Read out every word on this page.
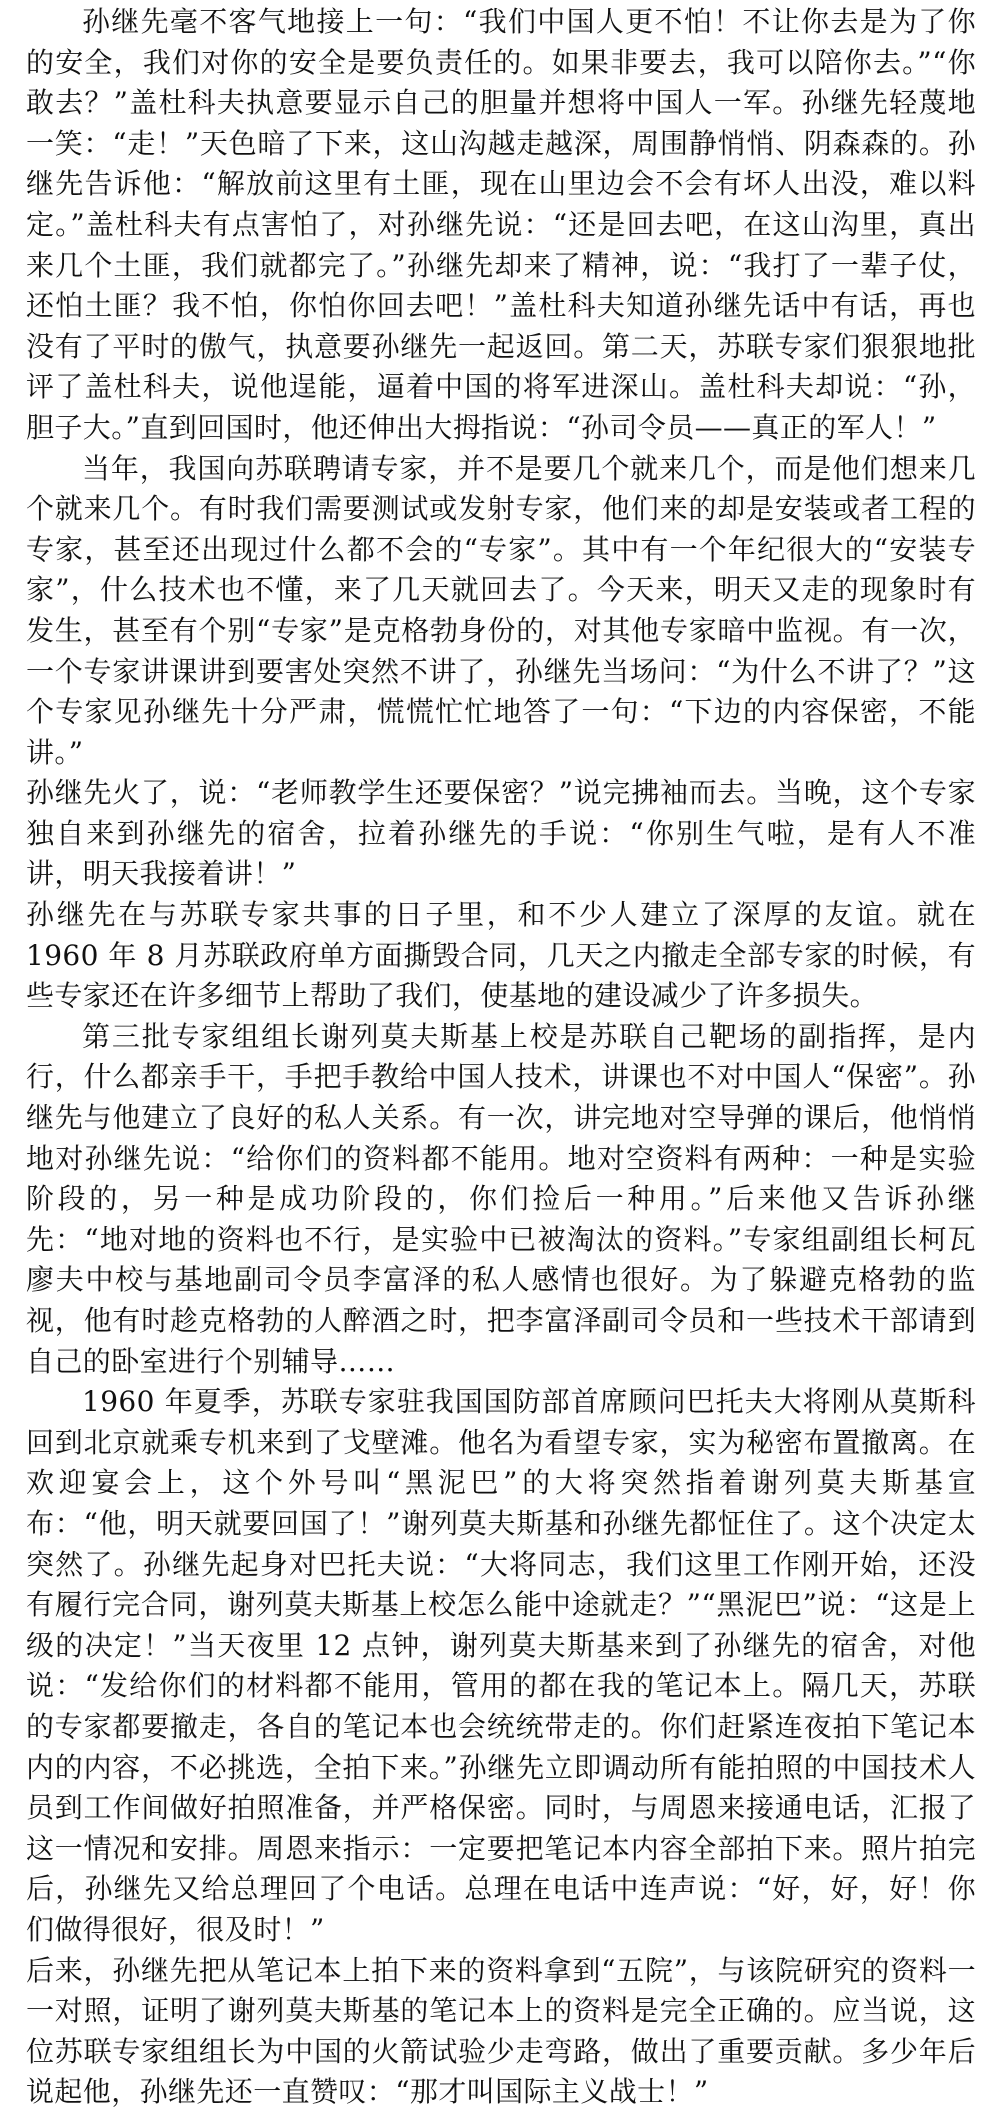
孙继先毫不客气地接上一句：“我们中国人更不怕！不让你去是为了你的安全，我们对你的安全是要负责任的。如果非要去，我可以陪你去。”“你敢去？”盖杜科夫执意要显示自己的胆量并想将中国人一军。孙继先轻蔑地一笑：“走！”天色暗了下来，这山沟越走越深，周围静悄悄、阴森森的。孙继先告诉他：“解放前这里有土匪，现在山里边会不会有坏人出没，难以料定。”盖杜科夫有点害怕了，对孙继先说：“还是回去吧，在这山沟里，真出来几个土匪，我们就都完了。”孙继先却来了精神，说：“我打了一辈子仗，还怕土匪？我不怕，你怕你回去吧！”盖杜科夫知道孙继先话中有话，再也没有了平时的傲气，执意要孙继先一起返回。第二天，苏联专家们狠狠地批评了盖杜科夫，说他逞能，逼着中国的将军进深山。盖杜科夫却说：“孙，胆子大。”直到回国时，他还伸出大拇指说：“孙司令员——真正的军人！”

当年，我国向苏联聘请专家，并不是要几个就来几个，而是他们想来几个就来几个。有时我们需要测试或发射专家，他们来的却是安装或者工程的专家，甚至还出现过什么都不会的“专家”。其中有一个年纪很大的“安装专家”，什么技术也不懂，来了几天就回去了。今天来，明天又走的现象时有发生，甚至有个别“专家”是克格勃身份的，对其他专家暗中监视。有一次，一个专家讲课讲到要害处突然不讲了，孙继先当场问：“为什么不讲了？”这个专家见孙继先十分严肃，慌慌忙忙地答了一句：“下边的内容保密，不能讲。”

孙继先火了，说：“老师教学生还要保密？”说完拂袖而去。当晚，这个专家独自来到孙继先的宿舍，拉着孙继先的手说：“你别生气啦，是有人不准讲，明天我接着讲！”

孙继先在与苏联专家共事的日子里，和不少人建立了深厚的友谊。就在 1960 年 8 月苏联政府单方面撕毁合同，几天之内撤走全部专家的时候，有些专家还在许多细节上帮助了我们，使基地的建设减少了许多损失。

第三批专家组组长谢列莫夫斯基上校是苏联自己靶场的副指挥，是内行，什么都亲手干，手把手教给中国人技术，讲课也不对中国人“保密”。孙继先与他建立了良好的私人关系。有一次，讲完地对空导弹的课后，他悄悄地对孙继先说：“给你们的资料都不能用。地对空资料有两种：一种是实验阶段的，另一种是成功阶段的，你们捡后一种用。”后来他又告诉孙继先：“地对地的资料也不行，是实验中已被淘汰的资料。”专家组副组长柯瓦廖夫中校与基地副司令员李富泽的私人感情也很好。为了躲避克格勃的监视，他有时趁克格勃的人醉酒之时，把李富泽副司令员和一些技术干部请到自己的卧室进行个别辅导……

1960 年夏季，苏联专家驻我国国防部首席顾问巴托夫大将刚从莫斯科回到北京就乘专机来到了戈壁滩。他名为看望专家，实为秘密布置撤离。在欢迎宴会上，这个外号叫“黑泥巴”的大将突然指着谢列莫夫斯基宣布：“他，明天就要回国了！”谢列莫夫斯基和孙继先都怔住了。这个决定太突然了。孙继先起身对巴托夫说：“大将同志，我们这里工作刚开始，还没有履行完合同，谢列莫夫斯基上校怎么能中途就走？”“黑泥巴”说：“这是上级的决定！”当天夜里 12 点钟，谢列莫夫斯基来到了孙继先的宿舍，对他说：“发给你们的材料都不能用，管用的都在我的笔记本上。隔几天，苏联的专家都要撤走，各自的笔记本也会统统带走的。你们赶紧连夜拍下笔记本内的内容，不必挑选，全拍下来。”孙继先立即调动所有能拍照的中国技术人员到工作间做好拍照准备，并严格保密。同时，与周恩来接通电话，汇报了这一情况和安排。周恩来指示：一定要把笔记本内容全部拍下来。照片拍完后，孙继先又给总理回了个电话。总理在电话中连声说：“好，好，好！你们做得很好，很及时！”

后来，孙继先把从笔记本上拍下来的资料拿到“五院”，与该院研究的资料一一对照，证明了谢列莫夫斯基的笔记本上的资料是完全正确的。应当说，这位苏联专家组组长为中国的火箭试验少走弯路，做出了重要贡献。多少年后说起他，孙继先还一直赞叹：“那才叫国际主义战士！”
